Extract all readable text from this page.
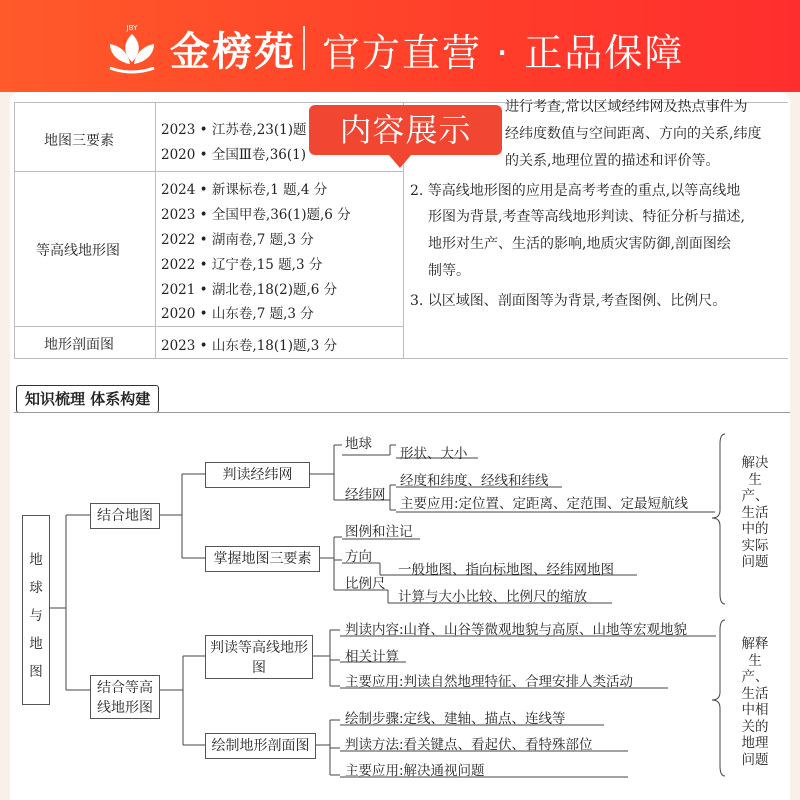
JBY 金榜苑 官方直营 · 正品保障
地图三要素
2023 • 江苏卷,23(1)题
2020 • 全国Ⅲ卷,36(1)
等高线地形图
2024 • 新课标卷,1 题,4 分
2023 • 全国甲卷,36(1)题,6 分
2022 • 湖南卷,7 题,3 分
2022 • 辽宁卷,15 题,3 分
2021 • 湖北卷,18(2)题,6 分
2020 • 山东卷,7 题,3 分
地形剖面图	2023 • 山东卷,18(1)题,3 分
进行考查,常以区域经纬网及热点事件为
经纬度数值与空间距离、方向的关系,纬度
的关系,地理位置的描述和评价等。
2. 等高线地形图的应用是高考考查的重点,以等高线地
形图为背景,考查等高线地形判读、特征分析与描述,
地形对生产、生活的影响,地质灾害防御,剖面图绘
制等。
3. 以区域图、剖面图等为背景,考查图例、比例尺。
内容展示
知识梳理 体系构建
地球与地图
结合地图
结合等高线地形图
判读经纬网
掌握地图三要素
判读等高线地形图
绘制地形剖面图
地球
形状、大小
经纬网
经度和纬度、经线和纬线
主要应用:定位置、定距离、定范围、定最短航线
图例和注记
方向
一般地图、指向标地图、经纬网地图
比例尺
计算与大小比较、比例尺的缩放
判读内容:山脊、山谷等微观地貌与高原、山地等宏观地貌
相关计算
主要应用:判读自然地理特征、合理安排人类活动
绘制步骤:定线、建轴、描点、连线等
判读方法:看关键点、看起伏、看特殊部位
主要应用:解决通视问题
解决生产、生活中的实际问题
解释生产、生活中相关的地理问题
